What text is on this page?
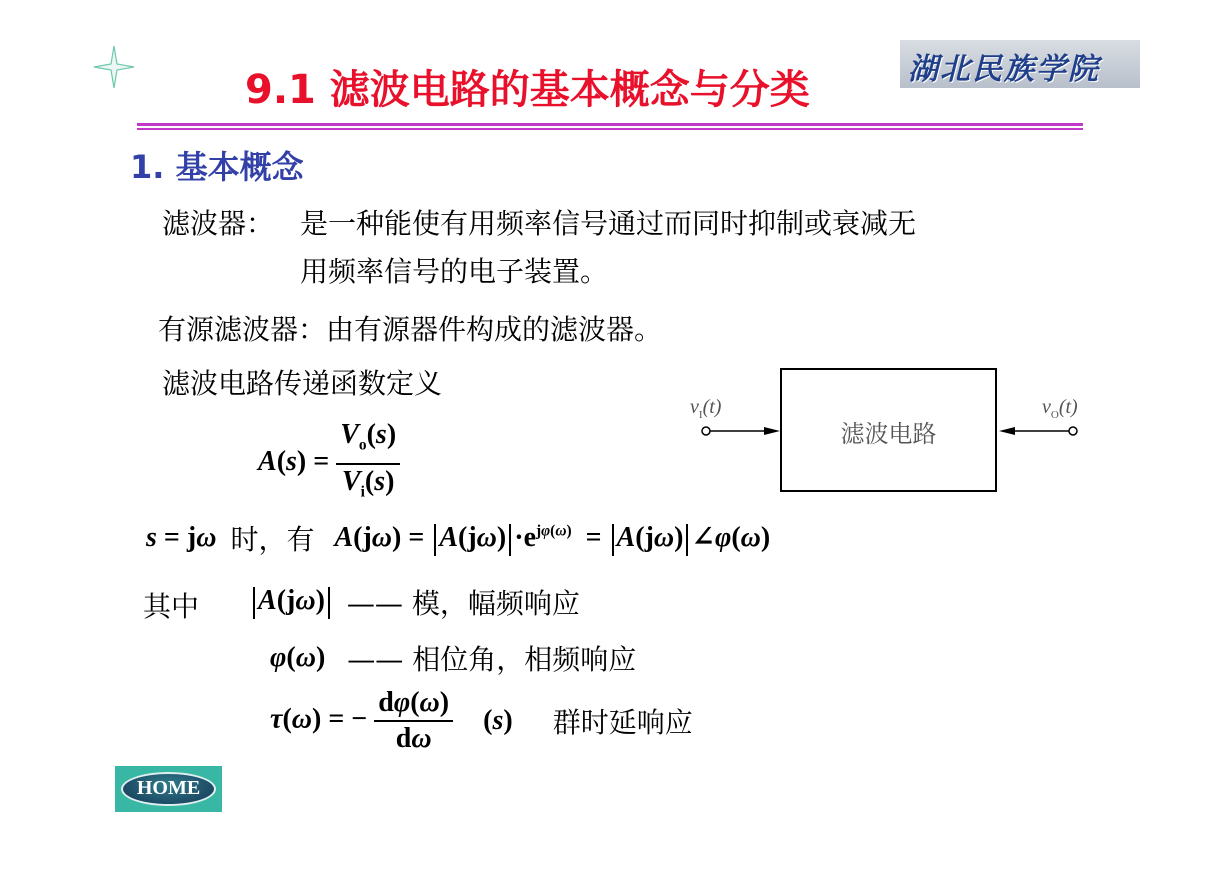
湖北民族学院
9.1 滤波电路的基本概念与分类
1. 基本概念
滤波器： 是一种能使有用频率信号通过而同时抑制或衰减无
用频率信号的电子装置。
有源滤波器：由有源器件构成的滤波器。
滤波电路传递函数定义
$A(s) = \frac{V_o(s)}{V_i(s)}$
$v_I(t)$	$v_O(t)$
滤波电路
s = jω 时，有 $A(j\omega) = A(j\omega) \cdot e^{j\varphi(\omega)} = A(j\omega)$ ∠φ(ω)
其中 A(jω) —— 模，幅频响应
φ(ω) —— 相位角，相频响应
τ(ω) = − $\frac{d\varphi(\omega)}{d\omega} (s)$ 群时延响应
HOME
